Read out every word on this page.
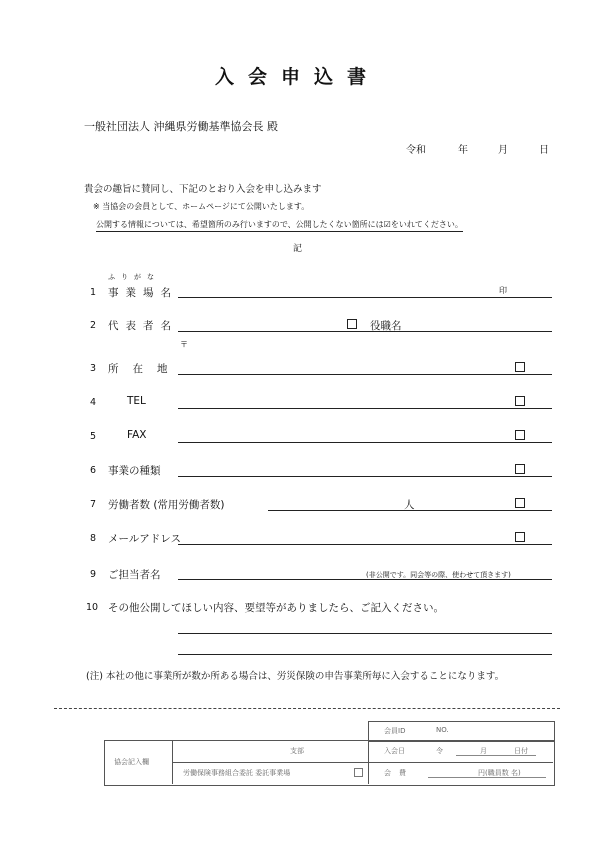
入会申込書
一般社団法人 沖縄県労働基準協会長 殿
令和	年	月	日
貴会の趣旨に賛同し、下記のとおり入会を申し込みます
※ 当協会の会員として、ホームページにて公開いたします。
公開する情報については、希望箇所のみ行いますので、公開したくない箇所には☑をいれてください。
記
ふりがな
1 事業場名	印
2 代表者名	役職名
〒
3 所在地
4	TEL
5	FAX
6 事業の種類
7 労働者数 (常用労働者数)	人
8 メールアドレス
9 ご担当者名	(非公開です。同会等の際、使わせて頂きます)
10 その他公開してほしい内容、要望等がありましたら、ご記入ください。
(注) 本社の他に事業所が数か所ある場合は、労災保険の申告事業所毎に入会することになります。
会員ID	NO.
協会記入欄
支部
労働保険事務組合委託 委託事業場
入会日	令	月	日付
会費	円(職員数 名)
